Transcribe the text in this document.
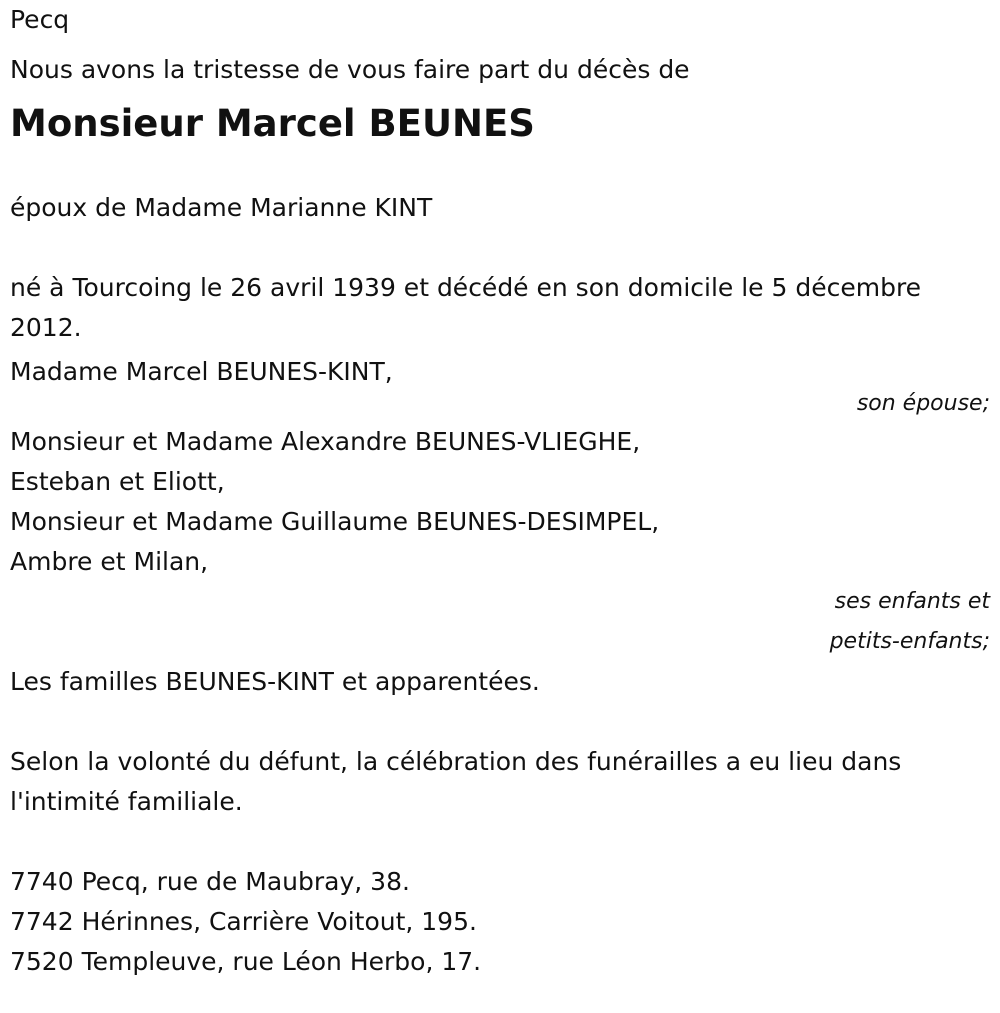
Pecq
Nous avons la tristesse de vous faire part du décès de
Monsieur Marcel BEUNES
époux de Madame Marianne KINT
né à Tourcoing le 26 avril 1939 et décédé en son domicile le 5 décembre 2012.
Madame Marcel BEUNES-KINT,
son épouse;
Monsieur et Madame Alexandre BEUNES-VLIEGHE,
Esteban et Eliott,
Monsieur et Madame Guillaume BEUNES-DESIMPEL,
Ambre et Milan,
ses enfants et
petits-enfants;
Les familles BEUNES-KINT et apparentées.
Selon la volonté du défunt, la célébration des funérailles a eu lieu dans l'intimité familiale.
7740 Pecq, rue de Maubray, 38.
7742 Hérinnes, Carrière Voitout, 195.
7520 Templeuve, rue Léon Herbo, 17.
